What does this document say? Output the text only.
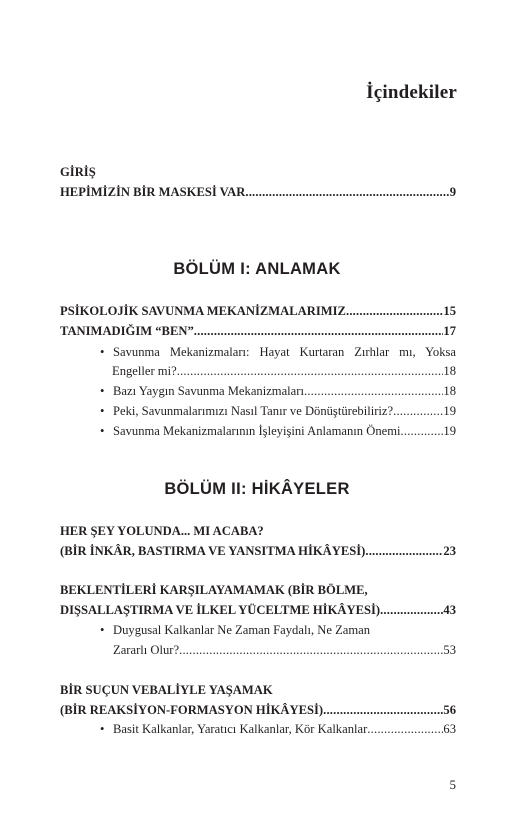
İçindekiler
GİRİŞ
HEPİMİZİN BİR MASKESİ VAR .....	9
BÖLÜM I: ANLAMAK
PSİKOLOJİK SAVUNMA MEKANİZMALARIMIZ .....	15
TANIMADIĞIM “BEN” .....	17
• Savunma Mekanizmaları: Hayat Kurtaran Zırhlar mı, Yoksa
Engeller mi? .....	18
• Bazı Yaygın Savunma Mekanizmaları .....	18
• Peki, Savunmalarımızı Nasıl Tanır ve Dönüştürebiliriz? .....	19
• Savunma Mekanizmalarının İşleyişini Anlamanın Önemi .....	19
BÖLÜM II: HİKÂYELER
HER ŞEY YOLUNDA... MI ACABA?
(BİR İNKÂR, BASTIRMA VE YANSITMA HİKÂYESİ) .....	23
BEKLENTİLERİ KARŞILAYAMAMAK (BİR BÖLME,
DIŞSALLAŞTIRMA VE İLKEL YÜCELTME HİKÂYESİ) .....	43
• Duygusal Kalkanlar Ne Zaman Faydalı, Ne Zaman
Zararlı Olur? .....	53
BİR SUÇUN VEBALİYLE YAŞAMAK
(BİR REAKSİYON-FORMASYON HİKÂYESİ) .....	56
• Basit Kalkanlar, Yaratıcı Kalkanlar, Kör Kalkanlar .....	63
5
